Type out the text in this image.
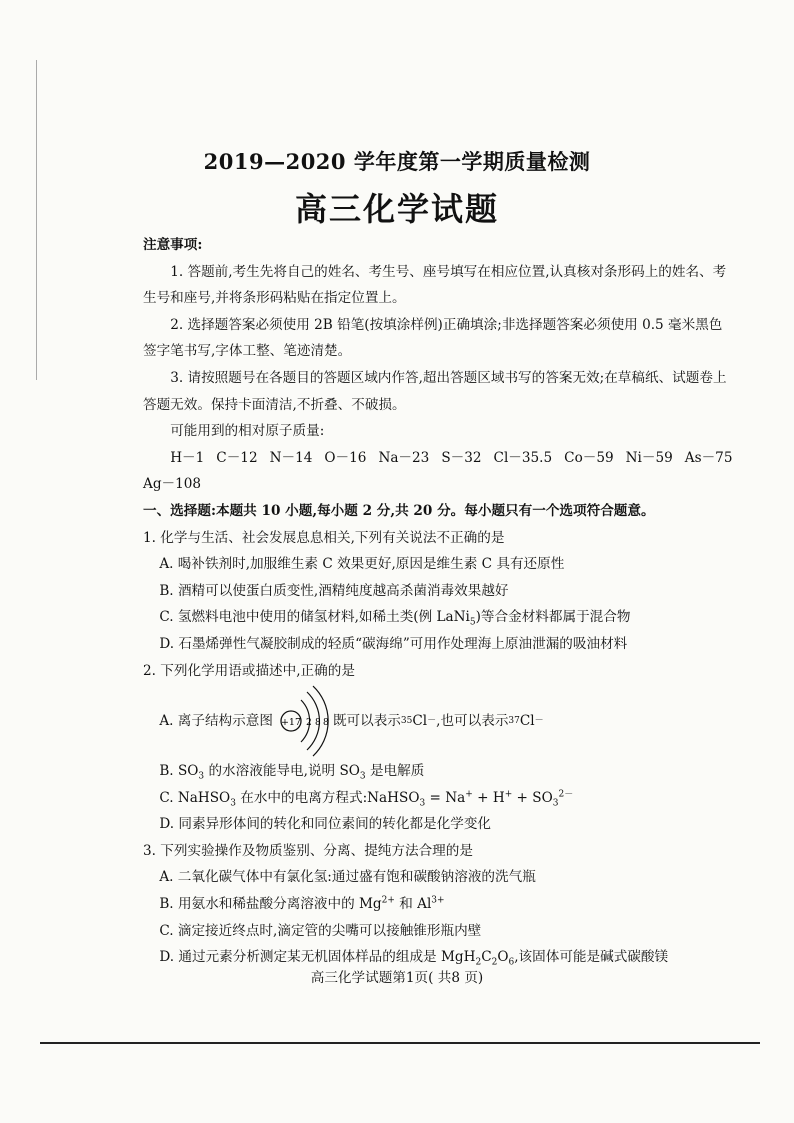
2019—2020 学年度第一学期质量检测
高三化学试题
注意事项:

1. 答题前,考生先将自己的姓名、考生号、座号填写在相应位置,认真核对条形码上的姓名、考生号和座号,并将条形码粘贴在指定位置上。

2. 选择题答案必须使用 2B 铅笔(按填涂样例)正确填涂;非选择题答案必须使用 0.5 毫米黑色签字笔书写,字体工整、笔迹清楚。

3. 请按照题号在各题目的答题区域内作答,超出答题区域书写的答案无效;在草稿纸、试题卷上答题无效。保持卡面清洁,不折叠、不破损。

可能用到的相对原子质量:
H－1 C－12 N－14 O－16 Na－23 S－32 Cl－35.5 Co－59 Ni－59 As－75
Ag－108
一、选择题:本题共 10 小题,每小题 2 分,共 20 分。每小题只有一个选项符合题意。
1. 化学与生活、社会发展息息相关,下列有关说法不正确的是
A. 喝补铁剂时,加服维生素 C 效果更好,原因是维生素 C 具有还原性
B. 酒精可以使蛋白质变性,酒精纯度越高杀菌消毒效果越好
C. 氢燃料电池中使用的储氢材料,如稀土类(例 LaNi$_5$)等合金材料都属于混合物
D. 石墨烯弹性气凝胶制成的轻质“碳海绵”可用作处理海上原油泄漏的吸油材料
2. 下列化学用语或描述中,正确的是
A. 离子结构示意图 +17 2 8 8 既可以表示 35 Cl － ,也可以表示 37 Cl －
B. $SO_3$ 的水溶液能导电,说明 $SO_3$ 是电解质
C. NaHSO$_3$ 在水中的电离方程式:NaHSO$_3$ = $Na^+ + H^+ + SO_3^{2-}$
D. 同素异形体间的转化和同位素间的转化都是化学变化
3. 下列实验操作及物质鉴别、分离、提纯方法合理的是
A. 二氧化碳气体中有氯化氢:通过盛有饱和碳酸钠溶液的洗气瓶
B. 用氨水和稀盐酸分离溶液中的 $Mg^{2+}$ 和 $Al^{3+}$
C. 滴定接近终点时,滴定管的尖嘴可以接触锥形瓶内壁
D. 通过元素分析测定某无机固体样品的组成是 $MgH_2C_2O_6$,该固体可能是碱式碳酸镁
高三化学试题第1页( 共8 页)
